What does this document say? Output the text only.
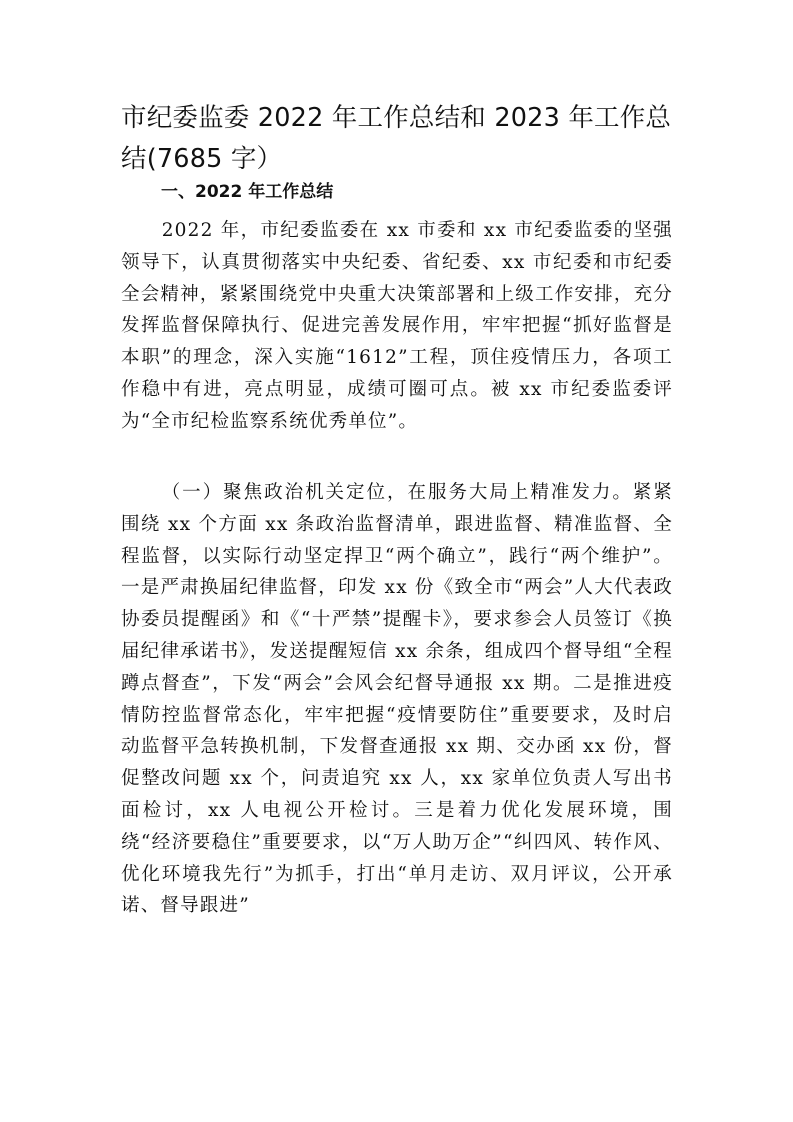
市纪委监委 2022 年工作总结和 2023 年工作总结(7685 字）
一、2022 年工作总结

2022 年，市纪委监委在 xx 市委和 xx 市纪委监委的坚强领导下，认真贯彻落实中央纪委、省纪委、xx 市纪委和市纪委全会精神，紧紧围绕党中央重大决策部署和上级工作安排，充分发挥监督保障执行、促进完善发展作用，牢牢把握“抓好监督是本职”的理念，深入实施“1612”工程，顶住疫情压力，各项工作稳中有进，亮点明显，成绩可圈可点。被 xx 市纪委监委评为“全市纪检监察系统优秀单位”。

（一）聚焦政治机关定位，在服务大局上精准发力。紧紧围绕 xx 个方面 xx 条政治监督清单，跟进监督、精准监督、全程监督，以实际行动坚定捍卫“两个确立”，践行“两个维护”。一是严肃换届纪律监督，印发 xx 份《致全市“两会”人大代表政协委员提醒函》和《“十严禁”提醒卡》，要求参会人员签订《换届纪律承诺书》，发送提醒短信 xx 余条，组成四个督导组“全程蹲点督查”，下发“两会”会风会纪督导通报 xx 期。二是推进疫情防控监督常态化，牢牢把握“疫情要防住”重要要求，及时启动监督平急转换机制，下发督查通报 xx 期、交办函 xx 份，督促整改问题 xx 个，问责追究 xx 人，xx 家单位负责人写出书面检讨，xx 人电视公开检讨。三是着力优化发展环境，围绕“经济要稳住”重要要求，以“万人助万企”“纠四风、转作风、优化环境我先行”为抓手，打出“单月走访、双月评议，公开承诺、督导跟进”
